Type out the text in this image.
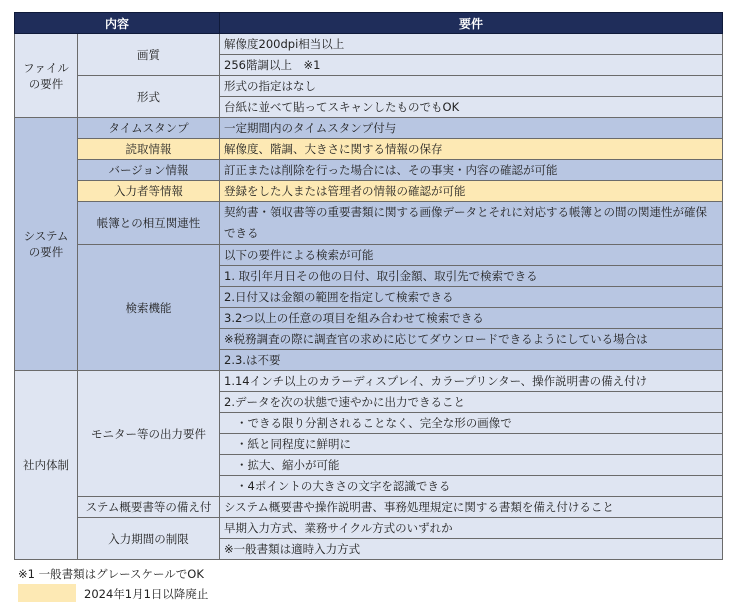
内容		要件
ファイルの要件	画質	解像度200dpi相当以上
		256階調以上　※1
	形式	形式の指定はなし
		台紙に並べて貼ってスキャンしたものでもOK
システムの要件	タイムスタンプ	一定期間内のタイムスタンプ付与
	読取情報	解像度、階調、大きさに関する情報の保存
	バージョン情報	訂正または削除を行った場合には、その事実・内容の確認が可能
	入力者等情報	登録をした人または管理者の情報の確認が可能
	帳簿との相互関連性	契約書・領収書等の重要書類に関する画像データとそれに対応する帳簿との間の関連性が確保できる
	検索機能	以下の要件による検索が可能
		1. 取引年月日その他の日付、取引金額、取引先で検索できる
		2.日付又は金額の範囲を指定して検索できる
		3.2つ以上の任意の項目を組み合わせて検索できる
		※税務調査の際に調査官の求めに応じてダウンロードできるようにしている場合は
		2.3.は不要
社内体制	モニター等の出力要件	1.14インチ以上のカラーディスプレイ、カラープリンター、操作説明書の備え付け
		2.データを次の状態で速やかに出力できること
		・できる限り分割されることなく、完全な形の画像で
		・紙と同程度に鮮明に
		・拡大、縮小が可能
		・4ポイントの大きさの文字を認識できる
	ステム概要書等の備え付	システム概要書や操作説明書、事務処理規定に関する書類を備え付けること
	入力期間の制限	早期入力方式、業務サイクル方式のいずれか
		※一般書類は適時入力方式
※1 一般書類はグレースケールでOK
2024年1月1日以降廃止
